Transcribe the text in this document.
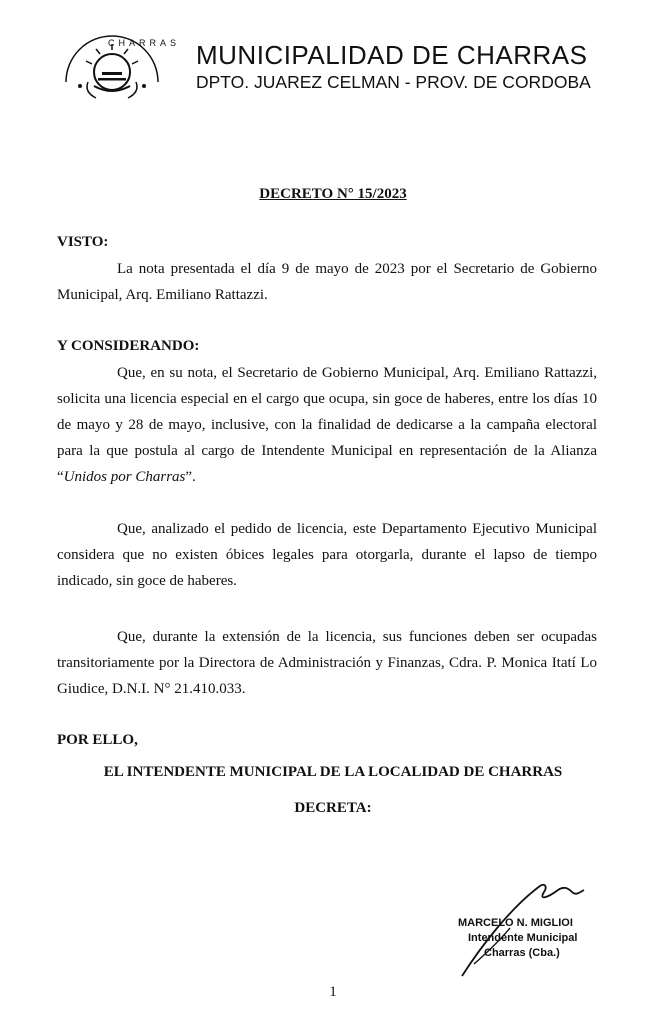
CHARRAS MUNICIPALIDAD DE CHARRAS
DPTO. JUAREZ CELMAN - PROV. DE CORDOBA
DECRETO N° 15/2023
VISTO:

La nota presentada el día 9 de mayo de 2023 por el Secretario de Gobierno Municipal, Arq. Emiliano Rattazzi.

Y CONSIDERANDO:

Que, en su nota, el Secretario de Gobierno Municipal, Arq. Emiliano Rattazzi, solicita una licencia especial en el cargo que ocupa, sin goce de haberes, entre los días 10 de mayo y 28 de mayo, inclusive, con la finalidad de dedicarse a la campaña electoral para la que postula al cargo de Intendente Municipal en representación de la Alianza “Unidos por Charras”.

Que, analizado el pedido de licencia, este Departamento Ejecutivo Municipal considera que no existen óbices legales para otorgarla, durante el lapso de tiempo indicado, sin goce de haberes.

Que, durante la extensión de la licencia, sus funciones deben ser ocupadas transitoriamente por la Directora de Administración y Finanzas, Cdra. P. Monica Itatí Lo Giudice, D.N.I. N° 21.410.033.

POR ELLO,
EL INTENDENTE MUNICIPAL DE LA LOCALIDAD DE CHARRAS
DECRETA:
MARCELO N. MIGLIOI
Intendente Municipal
Charras (Cba.)
1
